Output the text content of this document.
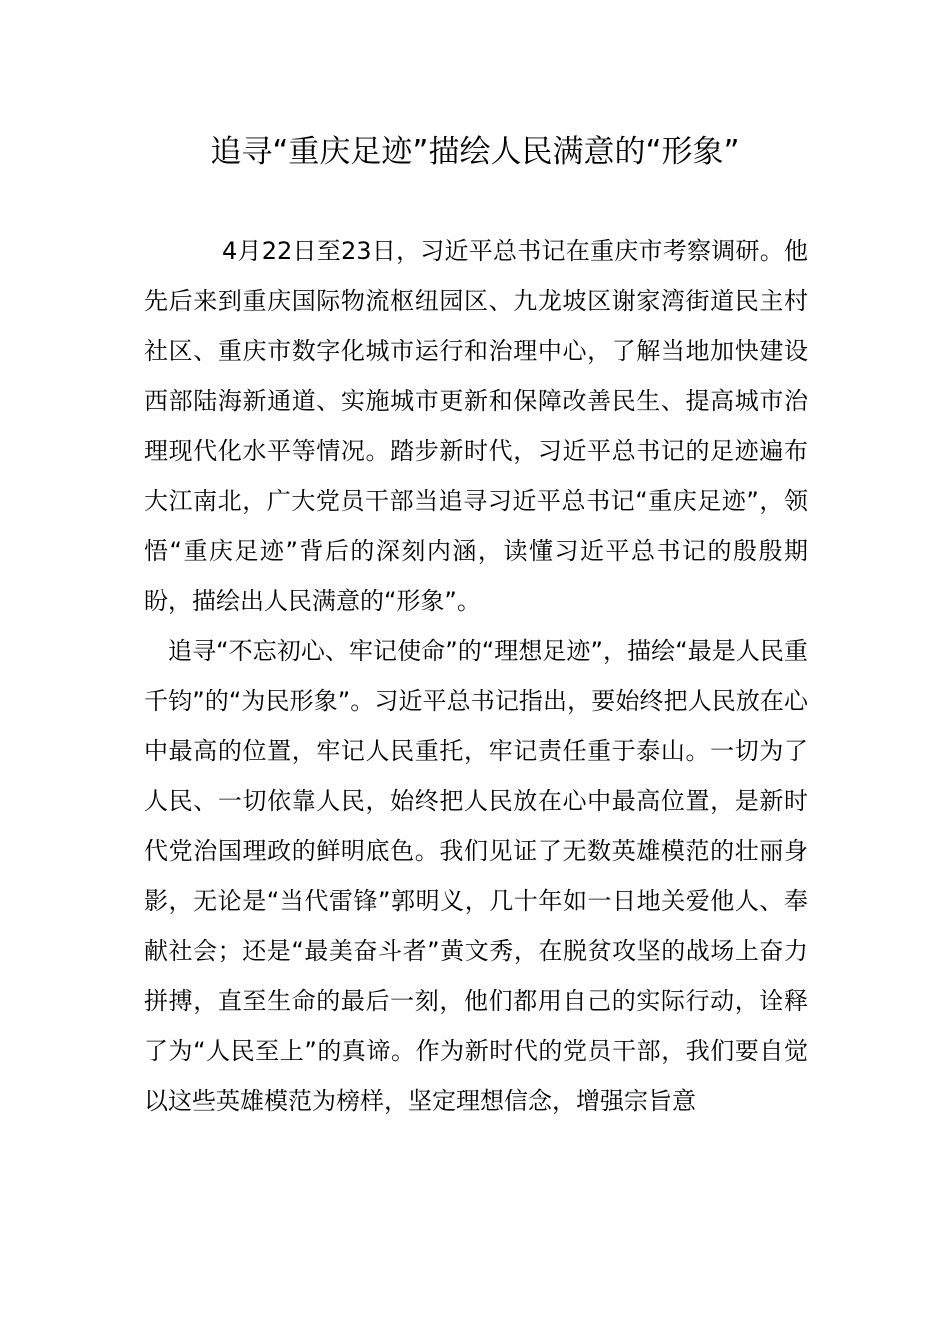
追寻“重庆足迹”描绘人民满意的“形象”

4月22日至23日，习近平总书记在重庆市考察调研。他先后来到重庆国际物流枢纽园区、九龙坡区谢家湾街道民主村社区、重庆市数字化城市运行和治理中心，了解当地加快建设西部陆海新通道、实施城市更新和保障改善民生、提高城市治理现代化水平等情况。踏步新时代，习近平总书记的足迹遍布大江南北，广大党员干部当追寻习近平总书记“重庆足迹”，领悟“重庆足迹”背后的深刻内涵，读懂习近平总书记的殷殷期盼，描绘出人民满意的“形象”。

追寻“不忘初心、牢记使命”的“理想足迹”，描绘“最是人民重千钧”的“为民形象”。习近平总书记指出，要始终把人民放在心中最高的位置，牢记人民重托，牢记责任重于泰山。一切为了人民、一切依靠人民，始终把人民放在心中最高位置，是新时代党治国理政的鲜明底色。我们见证了无数英雄模范的壮丽身影，无论是“当代雷锋”郭明义，几十年如一日地关爱他人、奉献社会；还是“最美奋斗者”黄文秀，在脱贫攻坚的战场上奋力拼搏，直至生命的最后一刻，他们都用自己的实际行动，诠释了为“人民至上”的真谛。作为新时代的党员干部，我们要自觉以这些英雄模范为榜样，坚定理想信念，增强宗旨意
